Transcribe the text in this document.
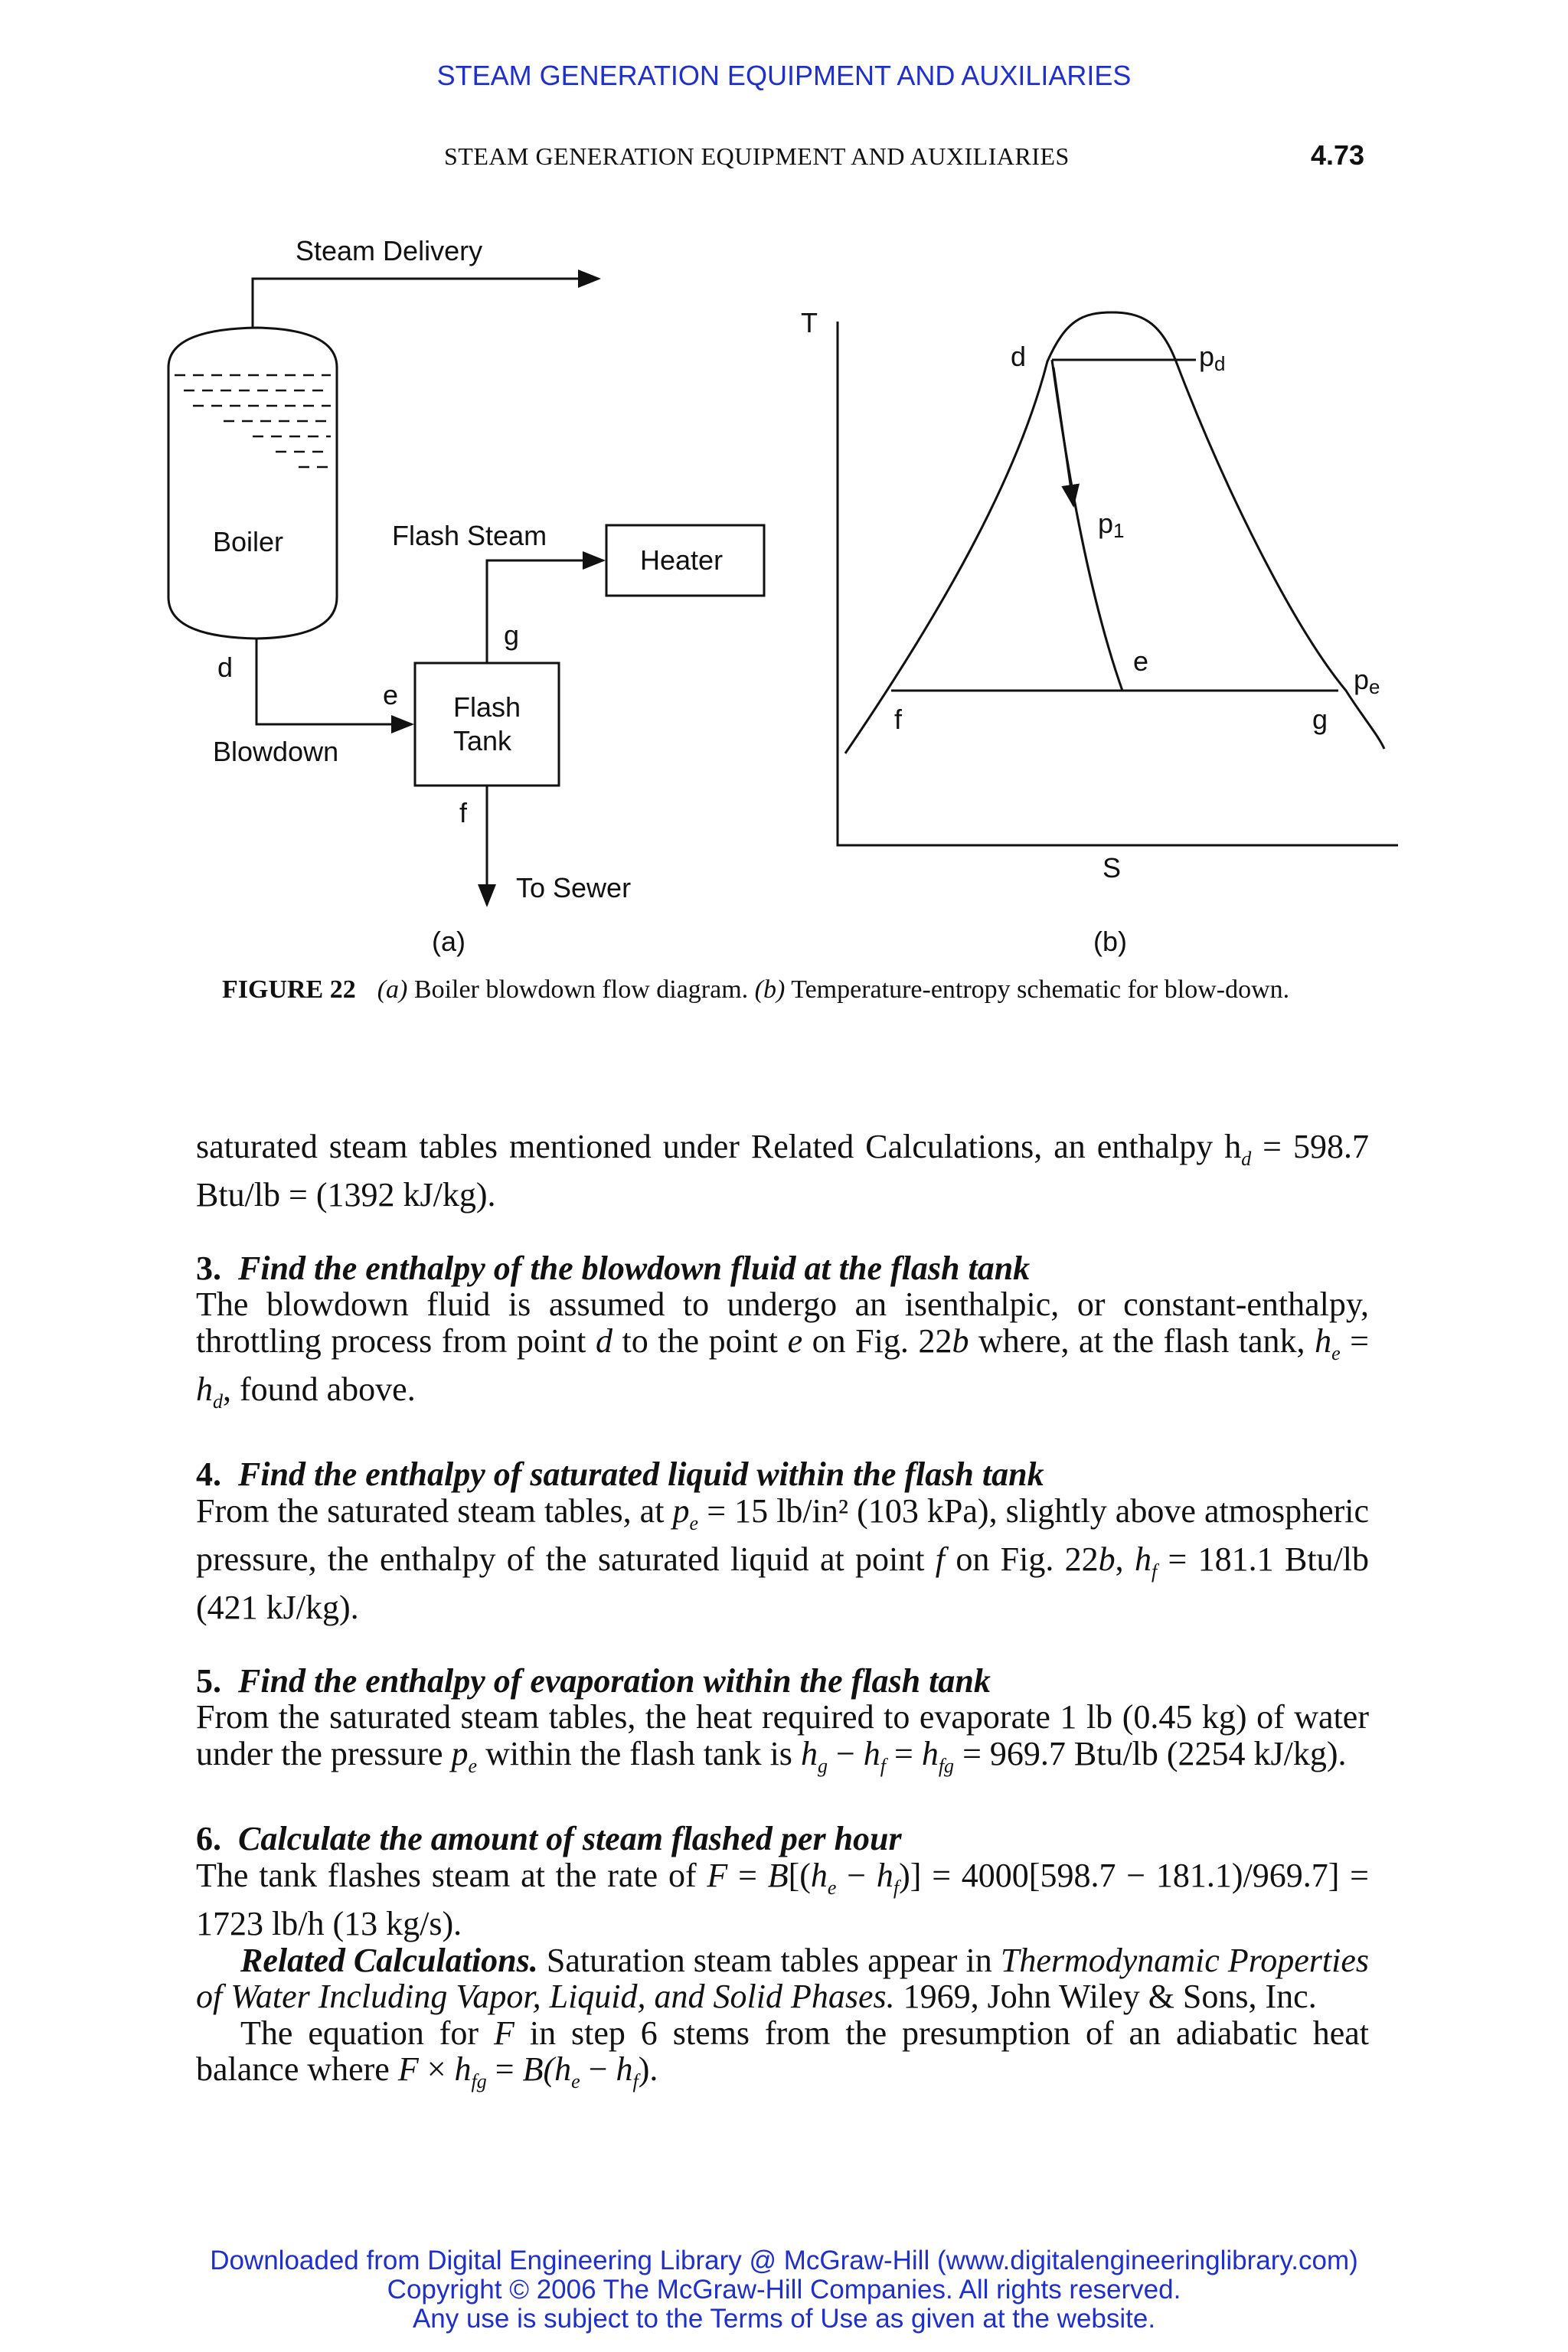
STEAM GENERATION EQUIPMENT AND AUXILIARIES
STEAM GENERATION EQUIPMENT AND AUXILIARIES	4.73
Steam Delivery
Boiler	Flash Steam
Heater
g
d
e Flash
Tank
Blowdown
f
To Sewer
(a)
T
d	pd
p1
e
pe
f	g
S
(b)
FIGURE 22 (a) Boiler blowdown flow diagram. (b) Temperature-entropy schematic for blow-down.

saturated steam tables mentioned under Related Calculations, an enthalpy $h_d = 598.7$ Btu/lb = (1392 kJ/kg).

3. Find the enthalpy of the blowdown fluid at the flash tank

The blowdown fluid is assumed to undergo an isenthalpic, or constant-enthalpy, throttling process from point d to the point e on Fig. 22b where, at the flash tank, $h_e = h_d$, found above.

4. Find the enthalpy of saturated liquid within the flash tank

From the saturated steam tables, at $p_e = 15$ lb/in² (103 kPa), slightly above atmospheric pressure, the enthalpy of the saturated liquid at point f on Fig. 22b, $h_f = 181.1$ Btu/lb (421 kJ/kg).

5. Find the enthalpy of evaporation within the flash tank

From the saturated steam tables, the heat required to evaporate 1 lb (0.45 kg) of water under the pressure $p_e$ within the flash tank is $h_g - h_f = h_{fg} = 969.7$ Btu/lb (2254 kJ/kg).

6. Calculate the amount of steam flashed per hour

The tank flashes steam at the rate of $F = B[(h_e - h_f)] = 4000[598.7 - 181.1)/969.7] = 1723$ lb/h (13 kg/s).

Related Calculations. Saturation steam tables appear in Thermodynamic Properties of Water Including Vapor, Liquid, and Solid Phases. 1969, John Wiley & Sons, Inc.

The equation for F in step 6 stems from the presumption of an adiabatic heat balance where $F \times h_{fg} = B(h_e - h_f)$.

Downloaded from Digital Engineering Library @ McGraw-Hill (www.digitalengineeringlibrary.com)
Copyright © 2006 The McGraw-Hill Companies. All rights reserved.
Any use is subject to the Terms of Use as given at the website.
